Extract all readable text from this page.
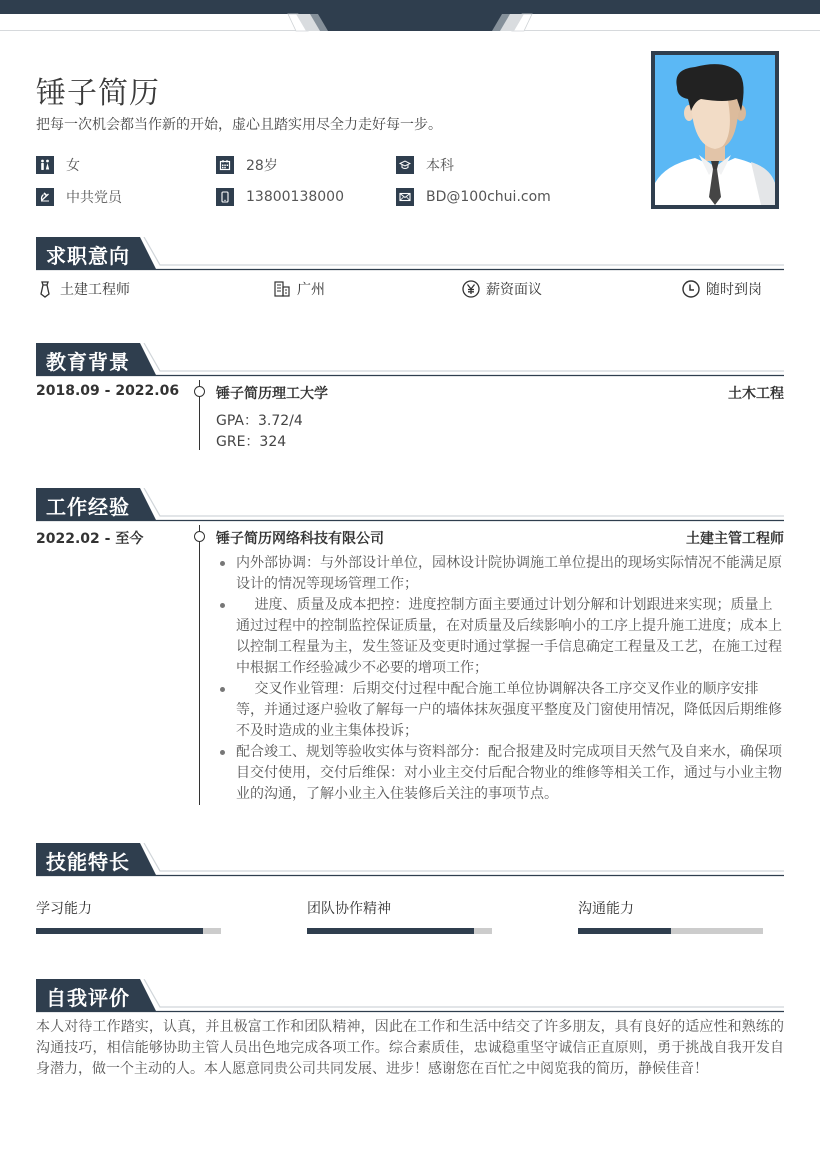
锤子简历

把每一次机会都当作新的开始，虚心且踏实用尽全力走好每一步。

女	28岁	本科
中共党员	13800138000	BD@100chui.com
求职意向
土建工程师	广州	薪资面议	随时到岗
教育背景
2018.09 - 2022.06	锤子简历理工大学	土木工程
GPA：3.72/4
GRE：324
工作经验
2022.02 - 至今	锤子简历网络科技有限公司	土建主管工程师
内外部协调：与外部设计单位，园林设计院协调施工单位提出的现场实际情况不能满足原设计的情况等现场管理工作；
　 进度、质量及成本把控：进度控制方面主要通过计划分解和计划跟进来实现；质量上通过过程中的控制监控保证质量，在对质量及后续影响小的工序上提升施工进度；成本上以控制工程量为主，发生签证及变更时通过掌握一手信息确定工程量及工艺，在施工过程中根据工作经验减少不必要的增项工作；
　 交叉作业管理：后期交付过程中配合施工单位协调解决各工序交叉作业的顺序安排等，并通过逐户验收了解每一户的墙体抹灰强度平整度及门窗使用情况，降低因后期维修不及时造成的业主集体投诉；
配合竣工、规划等验收实体与资料部分：配合报建及时完成项目天然气及自来水，确保项目交付使用，交付后维保：对小业主交付后配合物业的维修等相关工作，通过与小业主物业的沟通，了解小业主入住装修后关注的事项节点。
技能特长
学习能力	团队协作精神	沟通能力
自我评价

本人对待工作踏实，认真，并且极富工作和团队精神，因此在工作和生活中结交了许多朋友，具有良好的适应性和熟练的沟通技巧，相信能够协助主管人员出色地完成各项工作。综合素质佳，忠诚稳重坚守诚信正直原则，勇于挑战自我开发自身潜力，做一个主动的人。本人愿意同贵公司共同发展、进步！感谢您在百忙之中阅览我的简历，静候佳音！
